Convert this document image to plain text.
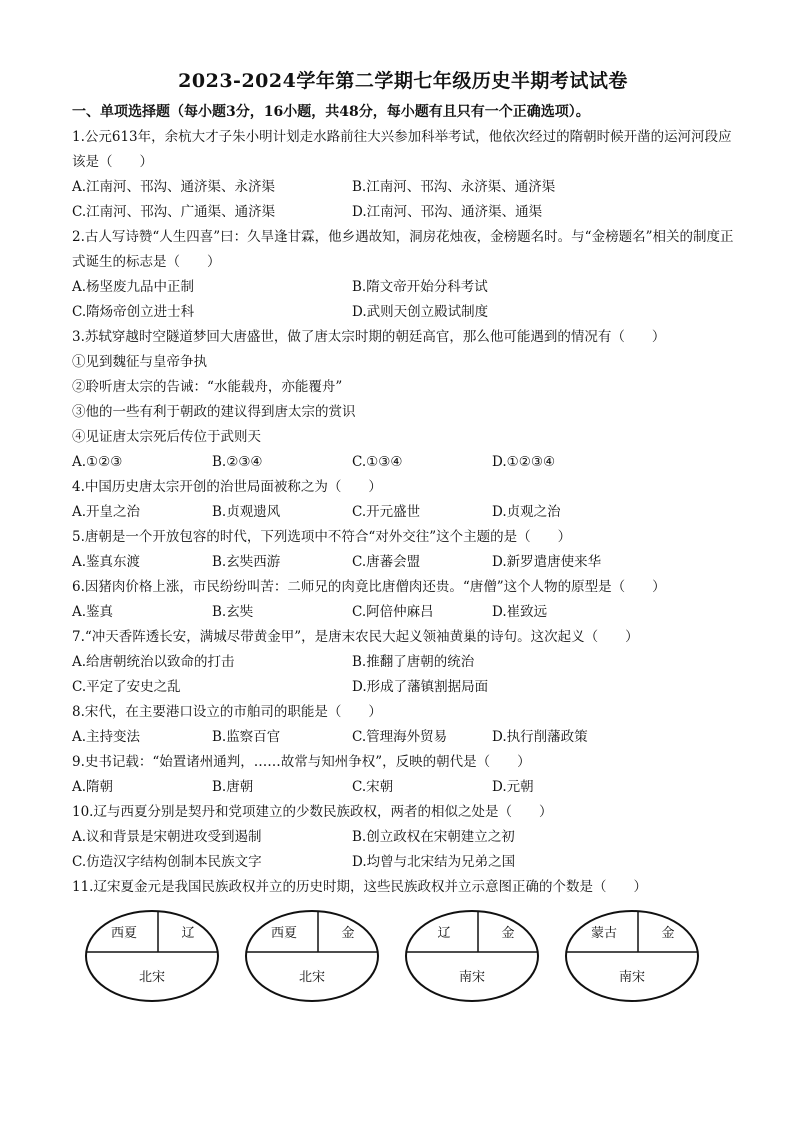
2023-2024学年第二学期七年级历史半期考试试卷
一、单项选择题（每小题3分，16小题，共48分，每小题有且只有一个正确选项）。

1.公元613年，余杭大才子朱小明计划走水路前往大兴参加科举考试，他依次经过的隋朝时候开凿的运河河段应该是（　　）

A.江南河、邗沟、通济渠、永济渠	B.江南河、邗沟、永济渠、通济渠
C.江南河、邗沟、广通渠、通济渠	D.江南河、邗沟、通济渠、通渠

2.古人写诗赞“人生四喜”曰：久旱逢甘霖，他乡遇故知，洞房花烛夜，金榜题名时。与“金榜题名”相关的制度正式诞生的标志是（　　）

A.杨坚废九品中正制	B.隋文帝开始分科考试
C.隋炀帝创立进士科	D.武则天创立殿试制度

3.苏轼穿越时空隧道梦回大唐盛世，做了唐太宗时期的朝廷高官，那么他可能遇到的情况有（　　）

①见到魏征与皇帝争执

②聆听唐太宗的告诫：“水能载舟，亦能覆舟”

③他的一些有利于朝政的建议得到唐太宗的赏识

④见证唐太宗死后传位于武则天

A.①②③	B.②③④	C.①③④	D.①②③④

4.中国历史唐太宗开创的治世局面被称之为（　　）

A.开皇之治	B.贞观遗风	C.开元盛世	D.贞观之治

5.唐朝是一个开放包容的时代，下列选项中不符合“对外交往”这个主题的是（　　）

A.鉴真东渡	B.玄奘西游	C.唐蕃会盟	D.新罗遣唐使来华

6.因猪肉价格上涨，市民纷纷叫苦：二师兄的肉竟比唐僧肉还贵。“唐僧”这个人物的原型是（　　）

A.鉴真	B.玄奘	C.阿倍仲麻吕	D.崔致远

7.“冲天香阵透长安，满城尽带黄金甲”，是唐末农民大起义领袖黄巢的诗句。这次起义（　　）

A.给唐朝统治以致命的打击	B.推翻了唐朝的统治
C.平定了安史之乱	D.形成了藩镇割据局面

8.宋代，在主要港口设立的市舶司的职能是（　　）

A.主持变法	B.监察百官	C.管理海外贸易	D.执行削藩政策

9.史书记载：“始置诸州通判，……故常与知州争权”，反映的朝代是（　　）

A.隋朝	B.唐朝	C.宋朝	D.元朝

10.辽与西夏分别是契丹和党项建立的少数民族政权，两者的相似之处是（　　）

A.议和背景是宋朝进攻受到遏制	B.创立政权在宋朝建立之初
C.仿造汉字结构创制本民族文字	D.均曾与北宋结为兄弟之国

11.辽宋夏金元是我国民族政权并立的历史时期，这些民族政权并立示意图正确的个数是（　　）

西夏	辽
北宋
西夏	金
北宋
辽	金
南宋
蒙古	金
南宋
